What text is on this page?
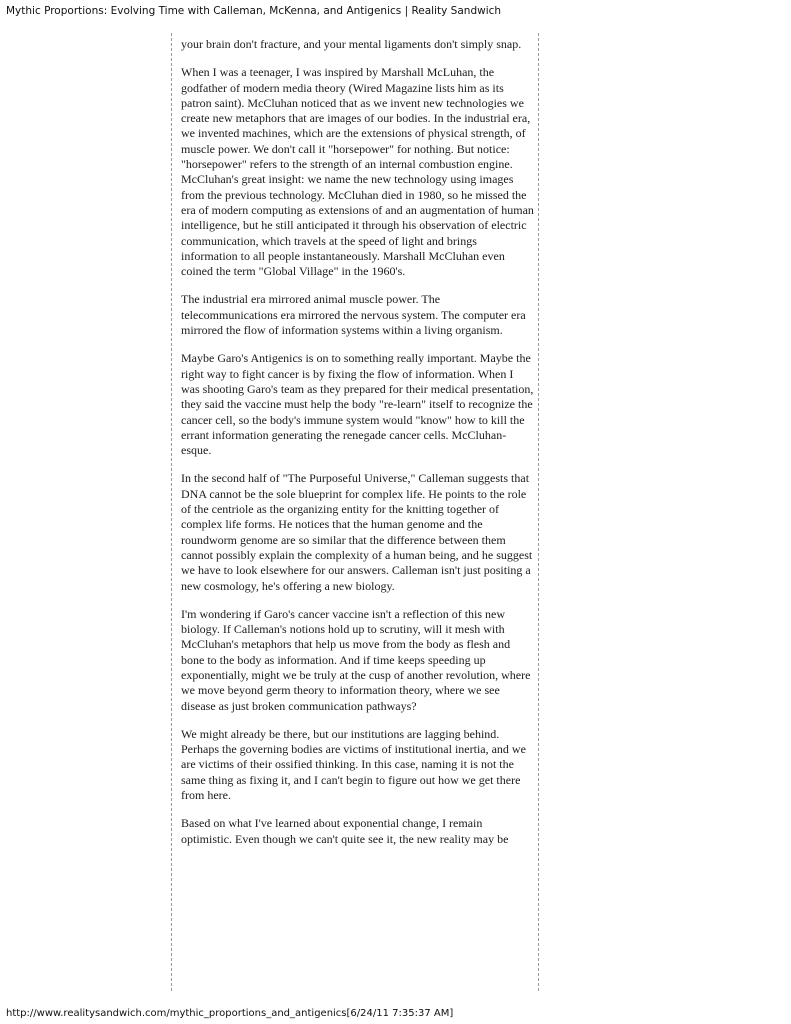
Mythic Proportions: Evolving Time with Calleman, McKenna, and Antigenics | Reality Sandwich

your brain don't fracture, and your mental ligaments don't simply snap.

When I was a teenager, I was inspired by Marshall McLuhan, the godfather of modern media theory (Wired Magazine lists him as its patron saint). McCluhan noticed that as we invent new technologies we create new metaphors that are images of our bodies. In the industrial era, we invented machines, which are the extensions of physical strength, of muscle power. We don't call it "horsepower" for nothing. But notice: "horsepower" refers to the strength of an internal combustion engine. McCluhan's great insight: we name the new technology using images from the previous technology. McCluhan died in 1980, so he missed the era of modern computing as extensions of and an augmentation of human intelligence, but he still anticipated it through his observation of electric communication, which travels at the speed of light and brings information to all people instantaneously. Marshall McCluhan even coined the term "Global Village" in the 1960's.

The industrial era mirrored animal muscle power. The telecommunications era mirrored the nervous system. The computer era mirrored the flow of information systems within a living organism.

Maybe Garo's Antigenics is on to something really important. Maybe the right way to fight cancer is by fixing the flow of information. When I was shooting Garo's team as they prepared for their medical presentation, they said the vaccine must help the body "re-learn" itself to recognize the cancer cell, so the body's immune system would "know" how to kill the errant information generating the renegade cancer cells. McCluhan-esque.

In the second half of "The Purposeful Universe," Calleman suggests that DNA cannot be the sole blueprint for complex life. He points to the role of the centriole as the organizing entity for the knitting together of complex life forms. He notices that the human genome and the roundworm genome are so similar that the difference between them cannot possibly explain the complexity of a human being, and he suggest we have to look elsewhere for our answers. Calleman isn't just positing a new cosmology, he's offering a new biology.

I'm wondering if Garo's cancer vaccine isn't a reflection of this new biology. If Calleman's notions hold up to scrutiny, will it mesh with McCluhan's metaphors that help us move from the body as flesh and bone to the body as information. And if time keeps speeding up exponentially, might we be truly at the cusp of another revolution, where we move beyond germ theory to information theory, where we see disease as just broken communication pathways?

We might already be there, but our institutions are lagging behind. Perhaps the governing bodies are victims of institutional inertia, and we are victims of their ossified thinking. In this case, naming it is not the same thing as fixing it, and I can't begin to figure out how we get there from here.

Based on what I've learned about exponential change, I remain optimistic. Even though we can't quite see it, the new reality may be

http://www.realitysandwich.com/mythic_proportions_and_antigenics[6/24/11 7:35:37 AM]
